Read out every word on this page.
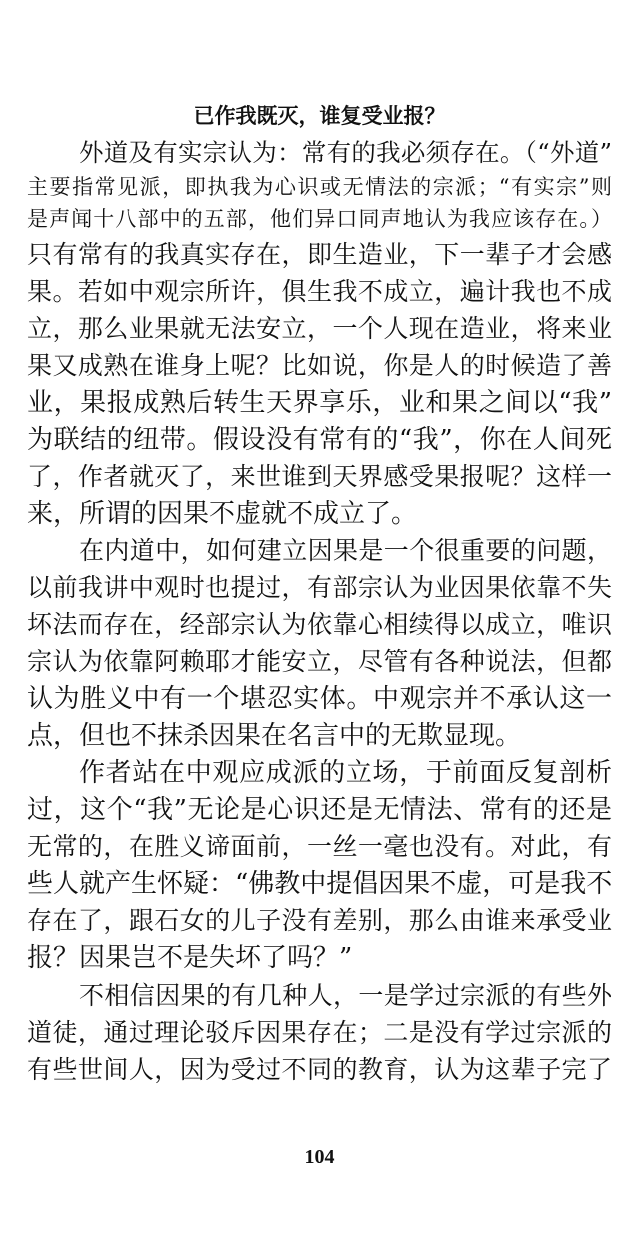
已作我既灭，谁复受业报？
外道及有实宗认为：常有的我必须存在。（“外道”
主要指常见派，即执我为心识或无情法的宗派；“有实宗”则
是声闻十八部中的五部，他们异口同声地认为我应该存在。）
只有常有的我真实存在，即生造业，下一辈子才会感
果。若如中观宗所许，俱生我不成立，遍计我也不成
立，那么业果就无法安立，一个人现在造业，将来业
果又成熟在谁身上呢？比如说，你是人的时候造了善
业，果报成熟后转生天界享乐，业和果之间以“我”
为联结的纽带。假设没有常有的“我”，你在人间死
了，作者就灭了，来世谁到天界感受果报呢？这样一
来，所谓的因果不虚就不成立了。
在内道中，如何建立因果是一个很重要的问题，
以前我讲中观时也提过，有部宗认为业因果依靠不失
坏法而存在，经部宗认为依靠心相续得以成立，唯识
宗认为依靠阿赖耶才能安立，尽管有各种说法，但都
认为胜义中有一个堪忍实体。中观宗并不承认这一
点，但也不抹杀因果在名言中的无欺显现。
作者站在中观应成派的立场，于前面反复剖析
过，这个“我”无论是心识还是无情法、常有的还是
无常的，在胜义谛面前，一丝一毫也没有。对此，有
些人就产生怀疑：“佛教中提倡因果不虚，可是我不
存在了，跟石女的儿子没有差别，那么由谁来承受业
报？因果岂不是失坏了吗？”
不相信因果的有几种人，一是学过宗派的有些外
道徒，通过理论驳斥因果存在；二是没有学过宗派的
有些世间人，因为受过不同的教育，认为这辈子完了
104
